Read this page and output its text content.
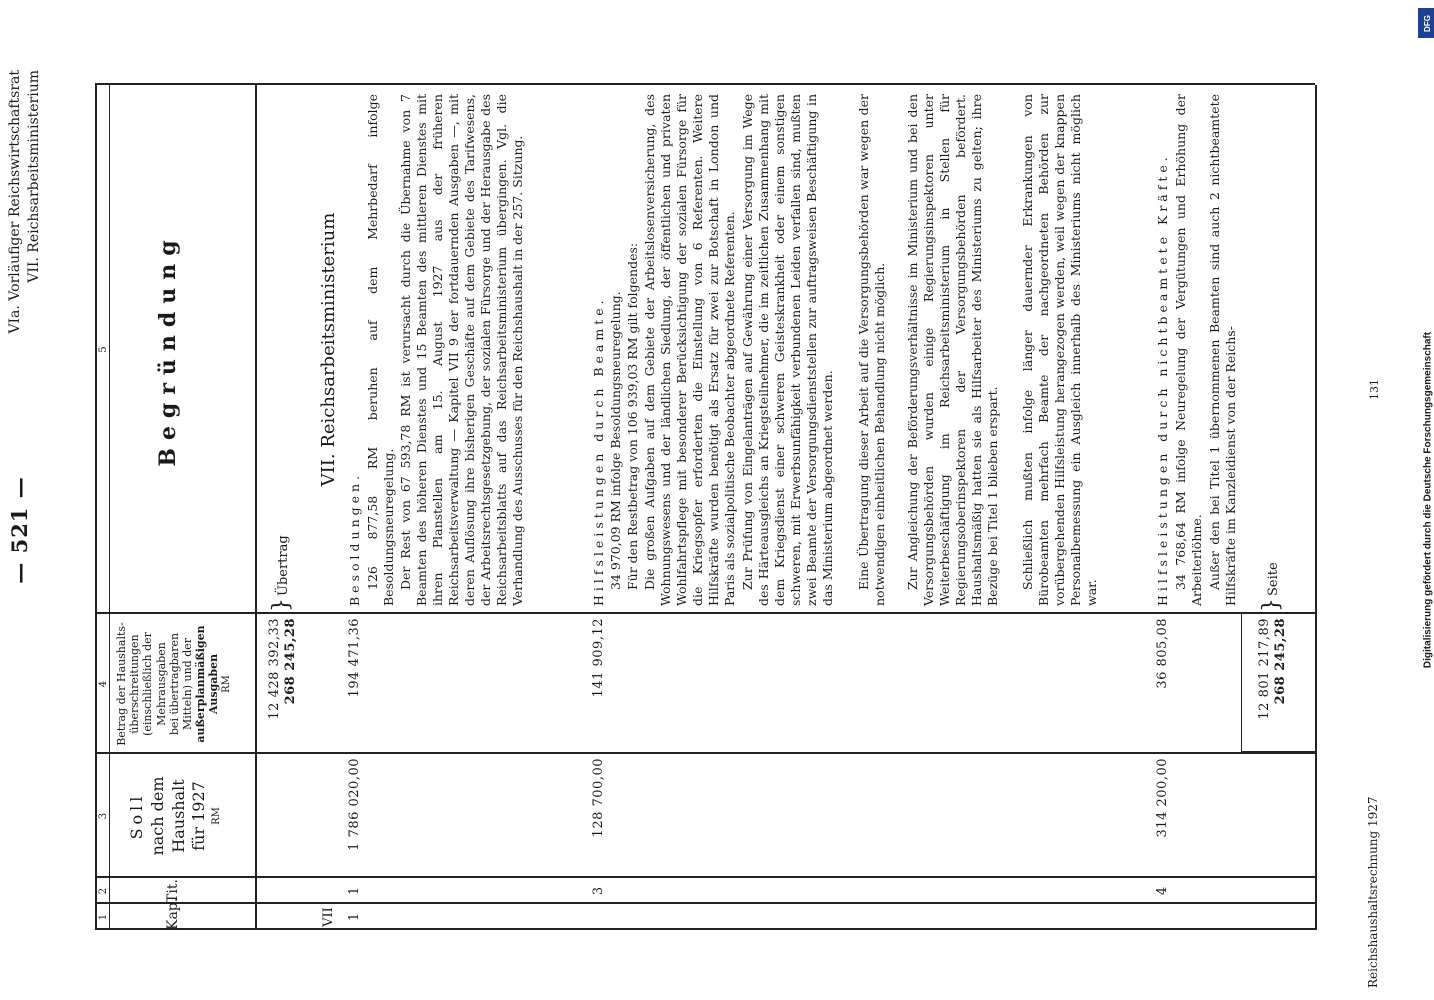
— 521 —
VIa. Vorläufiger Reichswirtschaftsrat VII. Reichsarbeitsministerium
1
2
3
4
5
Kap.
Tit.
Soll nach dem Haushalt für 1927 RM
Betrag der Haushalts- überschreitungen (einschließlich der Mehrausgaben bei übertragbaren Mitteln) und der außerplanmäßigen Ausgaben RM
Begründung
12 428 392,33 268 245,28
}
Übertrag
VII
VII. Reichsarbeitsministerium
1
1
1 786 020,00
194 471,36
Besoldungen. 126 877,58 RM beruhen auf dem Mehrbedarf infolge Besoldungsneuregelung. Der Rest von 67 593,78 RM ist verursacht durch die Übernahme von 7 Beamten des höheren Dienstes und 15 Beamten des mittleren Dienstes mit ihren Planstellen am 15. August 1927 aus der früheren Reichsarbeitsverwaltung — Kapitel VII 9 der fortdauernden Ausgaben —, mit deren Auflösung ihre bisherigen Geschäfte auf dem Gebiete des Tarifwesens, der Arbeitsrechtsgesetzgebung, der sozialen Fürsorge und der Herausgabe des Reichsarbeitsblatts auf das Reichsarbeitsministerium übergingen. Vgl. die Verhandlung des Ausschusses für den Reichshaushalt in der 257. Sitzung.
3
128 700,00
141 909,12
Hilfsleistungen durch Beamte. 34 970,09 RM infolge Besoldungsneuregelung. Für den Restbetrag von 106 939,03 RM gilt folgendes: Die großen Aufgaben auf dem Gebiete der Arbeitslosenversicherung, des Wohnungswesens und der ländlichen Siedlung, der öffentlichen und privaten Wohlfahrtspflege mit besonderer Berücksichtigung der sozialen Fürsorge für die Kriegsopfer erforderten die Einstellung von 6 Referenten. Weitere Hilfskräfte wurden benötigt als Ersatz für zwei zur Botschaft in London und Paris als sozialpolitische Beobachter abgeordnete Referenten. Zur Prüfung von Eingelanträgen auf Gewährung einer Versorgung im Wege des Härteausgleichs an Kriegsteilnehmer, die im zeitlichen Zusammenhang mit dem Kriegsdienst einer schweren Geisteskrankheit oder einem sonstigen schweren, mit Erwerbsunfähigkeit verbundenen Leiden verfallen sind, mußten zwei Beamte der Versorgungsdienststellen zur auftragsweisen Beschäftigung in das Ministerium abgeordnet werden. Eine Übertragung dieser Arbeit auf die Versorgungsbehörden war wegen der notwendigen einheitlichen Behandlung nicht möglich. Zur Angleichung der Beförderungsverhältnisse im Ministerium und bei den Versorgungsbehörden wurden einige Regierungsinspektoren unter Weiterbeschäftigung im Reichsarbeitsministerium in Stellen für Regierungsoberinspektoren der Versorgungsbehörden befördert. Haushaltsmäßig hatten sie als Hilfsarbeiter des Ministeriums zu gelten; ihre Bezüge bei Titel 1 blieben erspart. Schließlich mußten infolge länger dauernder Erkrankungen von Bürobeamten mehrfach Beamte der nachgeordneten Behörden zur vorübergehenden Hilfsleistung herangezogen werden, weil wegen der knappen Personalbemessung ein Ausgleich innerhalb des Ministeriums nicht möglich war.
4
314 200,00
36 805,08
Hilfsleistungen durch nichtbeamtete Kräfte. 34 768,64 RM infolge Neuregelung der Vergütungen und Erhöhung der Arbeiterlöhne. Außer den bei Titel 1 übernommenen Beamten sind auch 2 nichtbeamtete Hilfskräfte im Kanzleidienst von der Reichs-
12 801 217,89 268 245,28
}
Seite
Reichshaushaltsrechnung 1927
131
DFG
Digitalisierung gefördert durch die Deutsche Forschungsgemeinschaft
